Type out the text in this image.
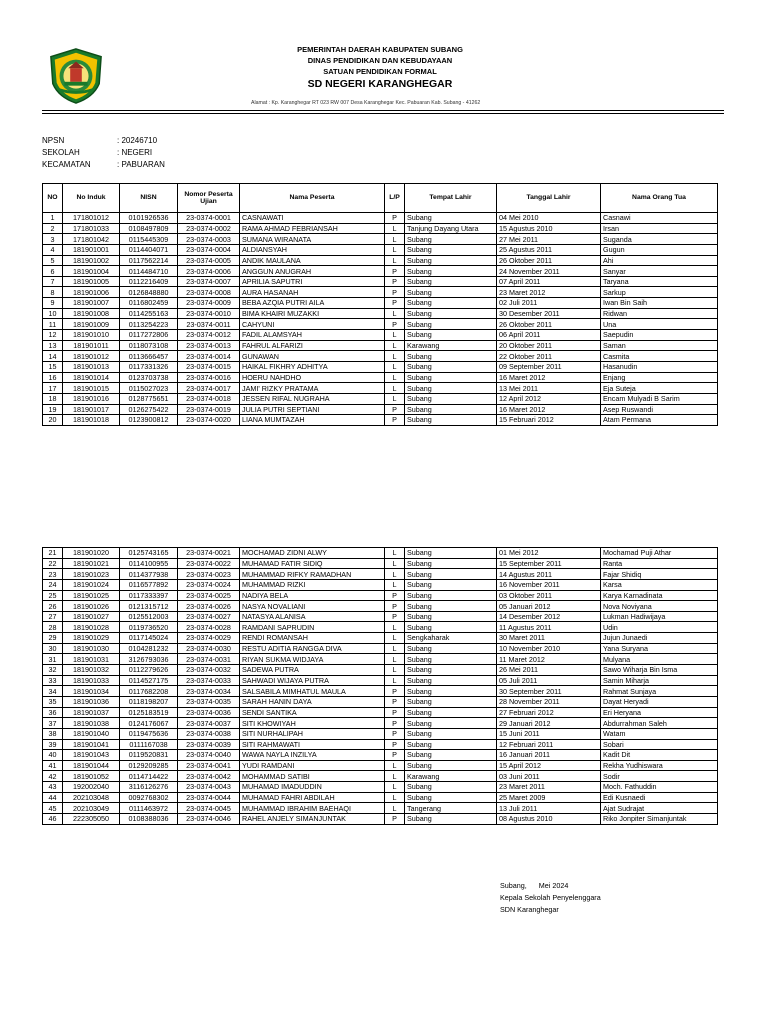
PEMERINTAH DAERAH KABUPATEN SUBANG
DINAS PENDIDIKAN DAN KEBUDAYAAN
SATUAN PENDIDIKAN FORMAL
SD NEGERI KARANGHEGAR
Alamat : Kp. Karanghegar RT 023 RW 007 Desa Karanghegar Kec. Pabuaran Kab. Subang - 41262
NPSN	: 20246710
SEKOLAH	: NEGERI
KECAMATAN	: PABUARAN
NO	No Induk	NISN	Nomor Peserta Ujian	Nama Peserta	L/P	Tempat Lahir	Tanggal Lahir	Nama Orang Tua
1	171801012	0101926536	23-0374-0001	CASNAWATI	P	Subang	04 Mei 2010	Casnawi
2	171801033	0108497809	23-0374-0002	RAMA AHMAD FEBRIANSAH	L	Tanjung Dayang Utara	15 Agustus 2010	Irsan
3	171801042	0115445309	23-0374-0003	SUMANA WIRANATA	L	Subang	27 Mei 2011	Suganda
4	181901001	0114404071	23-0374-0004	ALDIANSYAH	L	Subang	25 Agustus 2011	Gugun
5	181901002	0117562214	23-0374-0005	ANDIK MAULANA	L	Subang	26 Oktober 2011	Ahi
6	181901004	0114484710	23-0374-0006	ANGGUN ANUGRAH	P	Subang	24 November 2011	Sanyar
7	181901005	0112216409	23-0374-0007	APRILIA SAPUTRI	P	Subang	07 April 2011	Taryana
8	181901006	0126848880	23-0374-0008	AURA HASANAH	P	Subang	23 Maret 2012	Sarkup
9	181901007	0116802459	23-0374-0009	BEBA AZQIA PUTRI AILA	P	Subang	02 Juli 2011	Iwan Bin Saih
10	181901008	0114255163	23-0374-0010	BIMA KHAIRI MUZAKKI	L	Subang	30 Desember 2011	Ridwan
11	181901009	0113254223	23-0374-0011	CAHYUNI	P	Subang	26 Oktober 2011	Una
12	181901010	0117272806	23-0374-0012	FADIL ALAMSYAH	L	Subang	06 April 2011	Saepudin
13	181901011	0118073108	23-0374-0013	FAHRUL ALFARIZI	L	Karawang	20 Oktober 2011	Saman
14	181901012	0113666457	23-0374-0014	GUNAWAN	L	Subang	22 Oktober 2011	Casmita
15	181901013	0117331326	23-0374-0015	HAIKAL FIKHRY ADHITYA	L	Subang	09 September 2011	Hasanudin
16	181901014	0123703738	23-0374-0016	HOERU NAHDHO	L	Subang	16 Maret 2012	Enjang
17	181901015	0115027023	23-0374-0017	JAMI' RIZKY PRATAMA	L	Subang	13 Mei 2011	Eja Suteja
18	181901016	0128775651	23-0374-0018	JESSEN RIFAL NUGRAHA	L	Subang	12 April 2012	Encam Mulyadi B Sarim
19	181901017	0126275422	23-0374-0019	JULIA PUTRI SEPTIANI	P	Subang	16 Maret 2012	Asep Ruswandi
20	181901018	0123900812	23-0374-0020	LIANA MUMTAZAH	P	Subang	15 Februari 2012	Atam Permana
21	181901020	0125743165	23-0374-0021	MOCHAMAD ZIDNI ALWY	L	Subang	01 Mei 2012	Mochamad Puji Athar
22	181901021	0114100955	23-0374-0022	MUHAMAD FATIR SIDIQ	L	Subang	15 September 2011	Ranta
23	181901023	0114377938	23-0374-0023	MUHAMMAD RIFKY RAMADHAN	L	Subang	14 Agustus 2011	Fajar Shidiq
24	181901024	0116577892	23-0374-0024	MUHAMMAD RIZKI	L	Subang	16 November 2011	Karsa
25	181901025	0117333397	23-0374-0025	NADIYA BELA	P	Subang	03 Oktober 2011	Karya Karnadinata
26	181901026	0121315712	23-0374-0026	NASYA NOVALIANI	P	Subang	05 Januari 2012	Nova Noviyana
27	181901027	0125512003	23-0374-0027	NATASYA ALANISA	P	Subang	14 Desember 2012	Lukman Hadiwijaya
28	181901028	0119736520	23-0374-0028	RAMDANI SAPRUDIN	L	Subang	11 Agustus 2011	Udin
29	181901029	0117145024	23-0374-0029	RENDI ROMANSAH	L	Sengkaharak	30 Maret 2011	Jujun Junaedi
30	181901030	0104281232	23-0374-0030	RESTU ADITIA RANGGA DIVA	L	Subang	10 November 2010	Yana Suryana
31	181901031	3126793036	23-0374-0031	RIYAN SUKMA WIDJAYA	L	Subang	11 Maret 2012	Mulyana
32	181901032	0112279626	23-0374-0032	SADEWA PUTRA	L	Subang	26 Mei 2011	Sawo Wiharja Bin Isma
33	181901033	0114527175	23-0374-0033	SAHWADI WIJAYA PUTRA	L	Subang	05 Juli 2011	Samin Miharja
34	181901034	0117682208	23-0374-0034	SALSABILA MIMHATUL MAULA	P	Subang	30 September 2011	Rahmat Sunjaya
35	181901036	0118198207	23-0374-0035	SARAH HANIN DAYA	P	Subang	28 November 2011	Dayat Heryadi
36	181901037	0125183519	23-0374-0036	SENDI SANTIKA	P	Subang	27 Februari 2012	Eri Heryana
37	181901038	0124176067	23-0374-0037	SITI KHOWIYAH	P	Subang	29 Januari 2012	Abdurrahman Saleh
38	181901040	0119475636	23-0374-0038	SITI NURHALIPAH	P	Subang	15 Juni 2011	Watam
39	181901041	0111167038	23-0374-0039	SITI RAHMAWATI	P	Subang	12 Februari 2011	Sobari
40	181901043	0119520831	23-0374-0040	WAWA NAYLA INZILYA	P	Subang	16 Januari 2011	Kadit Dit
41	181901044	0129209285	23-0374-0041	YUDI RAMDANI	L	Subang	15 April 2012	Rekha Yudhiswara
42	181901052	0114714422	23-0374-0042	MOHAMMAD SATIBI	L	Karawang	03 Juni 2011	Sodir
43	192002040	3116126276	23-0374-0043	MUHAMAD IMADUDDIN	L	Subang	23 Maret 2011	Moch. Fathuddin
44	202103048	0092768302	23-0374-0044	MUHAMAD FAHRI ABDILAH	L	Subang	25 Maret 2009	Edi Kusnaedi
45	202103049	0111463972	23-0374-0045	MUHAMMAD IBRAHIM BAEHAQI	L	Tangerang	13 Juli 2011	Ajat Sudrajat
46	222305050	0108388036	23-0374-0046	RAHEL ANJELY SIMANJUNTAK	P	Subang	08 Agustus 2010	Riko Jonpiter Simanjuntak
Subang,      Mei 2024
Kepala Sekolah Penyelenggara
SDN Karanghegar
